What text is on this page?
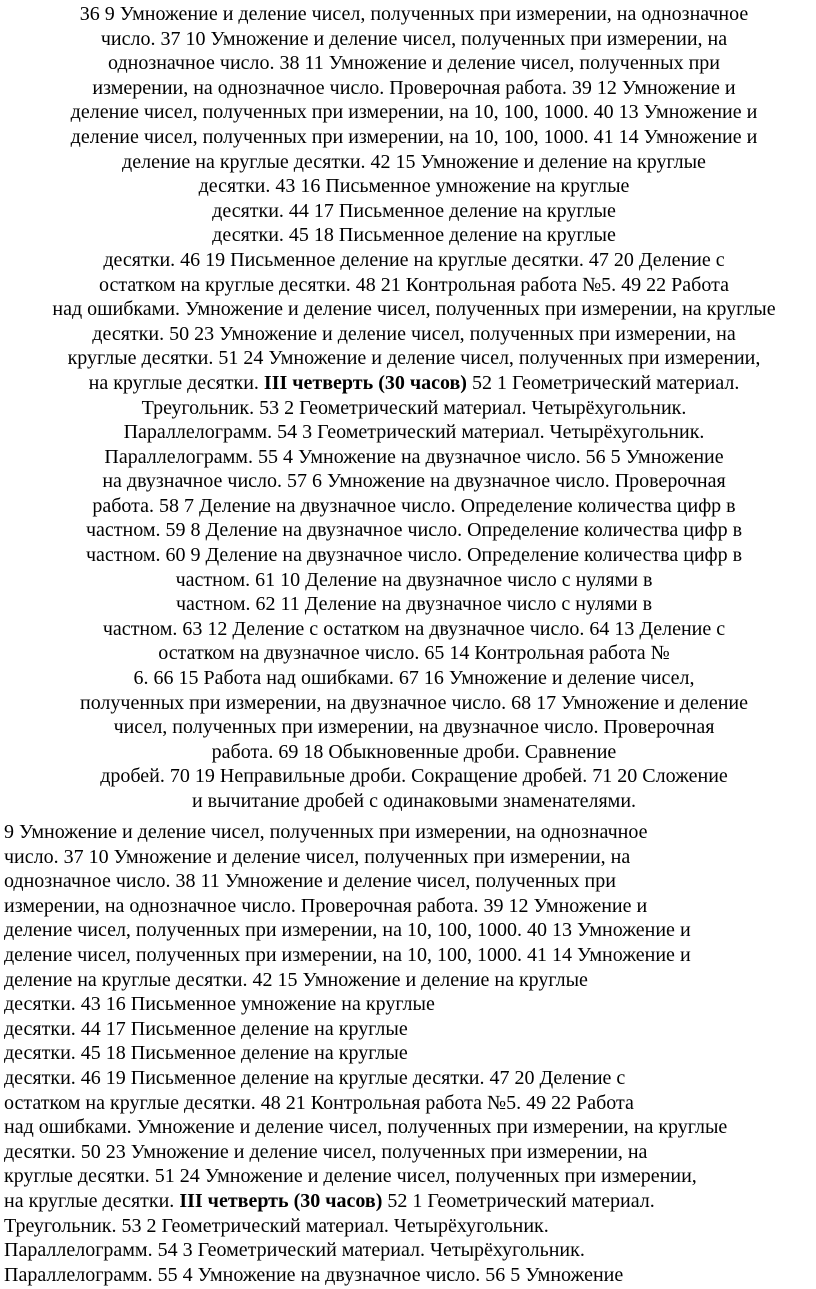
36 9 Умножение и деление чисел, полученных при измерении, на однозначное
число. 37 10 Умножение и деление чисел, полученных при измерении, на
однозначное число. 38 11 Умножение и деление чисел, полученных при
измерении, на однозначное число. Проверочная работа. 39 12 Умножение и
деление чисел, полученных при измерении, на 10, 100, 1000. 40 13 Умножение и
деление чисел, полученных при измерении, на 10, 100, 1000. 41 14 Умножение и
деление на круглые десятки. 42 15 Умножение и деление на круглые
десятки. 43 16 Письменное умножение на круглые
десятки. 44 17 Письменное деление на круглые
десятки. 45 18 Письменное деление на круглые
десятки. 46 19 Письменное деление на круглые десятки. 47 20 Деление с
остатком на круглые десятки. 48 21 Контрольная работа №5. 49 22 Работа
над ошибками. Умножение и деление чисел, полученных при измерении, на круглые
десятки. 50 23 Умножение и деление чисел, полученных при измерении, на
круглые десятки. 51 24 Умножение и деление чисел, полученных при измерении,
на круглые десятки. III четверть (30 часов) 52 1 Геометрический материал.
Треугольник. 53 2 Геометрический материал. Четырёхугольник.
Параллелограмм. 54 3 Геометрический материал. Четырёхугольник.
Параллелограмм. 55 4 Умножение на двузначное число. 56 5 Умножение
на двузначное число. 57 6 Умножение на двузначное число. Проверочная
работа. 58 7 Деление на двузначное число. Определение количества цифр в
частном. 59 8 Деление на двузначное число. Определение количества цифр в
частном. 60 9 Деление на двузначное число. Определение количества цифр в
частном. 61 10 Деление на двузначное число с нулями в
частном. 62 11 Деление на двузначное число с нулями в
частном. 63 12 Деление с остатком на двузначное число. 64 13 Деление с
остатком на двузначное число. 65 14 Контрольная работа №
6. 66 15 Работа над ошибками. 67 16 Умножение и деление чисел,
полученных при измерении, на двузначное число. 68 17 Умножение и деление
чисел, полученных при измерении, на двузначное число. Проверочная
работа. 69 18 Обыкновенные дроби. Сравнение
дробей. 70 19 Неправильные дроби. Сокращение дробей. 71 20 Сложение
и вычитание дробей с одинаковыми знаменателями.
9 Умножение и деление чисел, полученных при измерении, на однозначное
число. 37 10 Умножение и деление чисел, полученных при измерении, на
однозначное число. 38 11 Умножение и деление чисел, полученных при
измерении, на однозначное число. Проверочная работа. 39 12 Умножение и
деление чисел, полученных при измерении, на 10, 100, 1000. 40 13 Умножение и
деление чисел, полученных при измерении, на 10, 100, 1000. 41 14 Умножение и
деление на круглые десятки. 42 15 Умножение и деление на круглые
десятки. 43 16 Письменное умножение на круглые
десятки. 44 17 Письменное деление на круглые
десятки. 45 18 Письменное деление на круглые
десятки. 46 19 Письменное деление на круглые десятки. 47 20 Деление с
остатком на круглые десятки. 48 21 Контрольная работа №5. 49 22 Работа
над ошибками. Умножение и деление чисел, полученных при измерении, на круглые
десятки. 50 23 Умножение и деление чисел, полученных при измерении, на
круглые десятки. 51 24 Умножение и деление чисел, полученных при измерении,
на круглые десятки. III четверть (30 часов) 52 1 Геометрический материал.
Треугольник. 53 2 Геометрический материал. Четырёхугольник.
Параллелограмм. 54 3 Геометрический материал. Четырёхугольник.
Параллелограмм. 55 4 Умножение на двузначное число. 56 5 Умножение
